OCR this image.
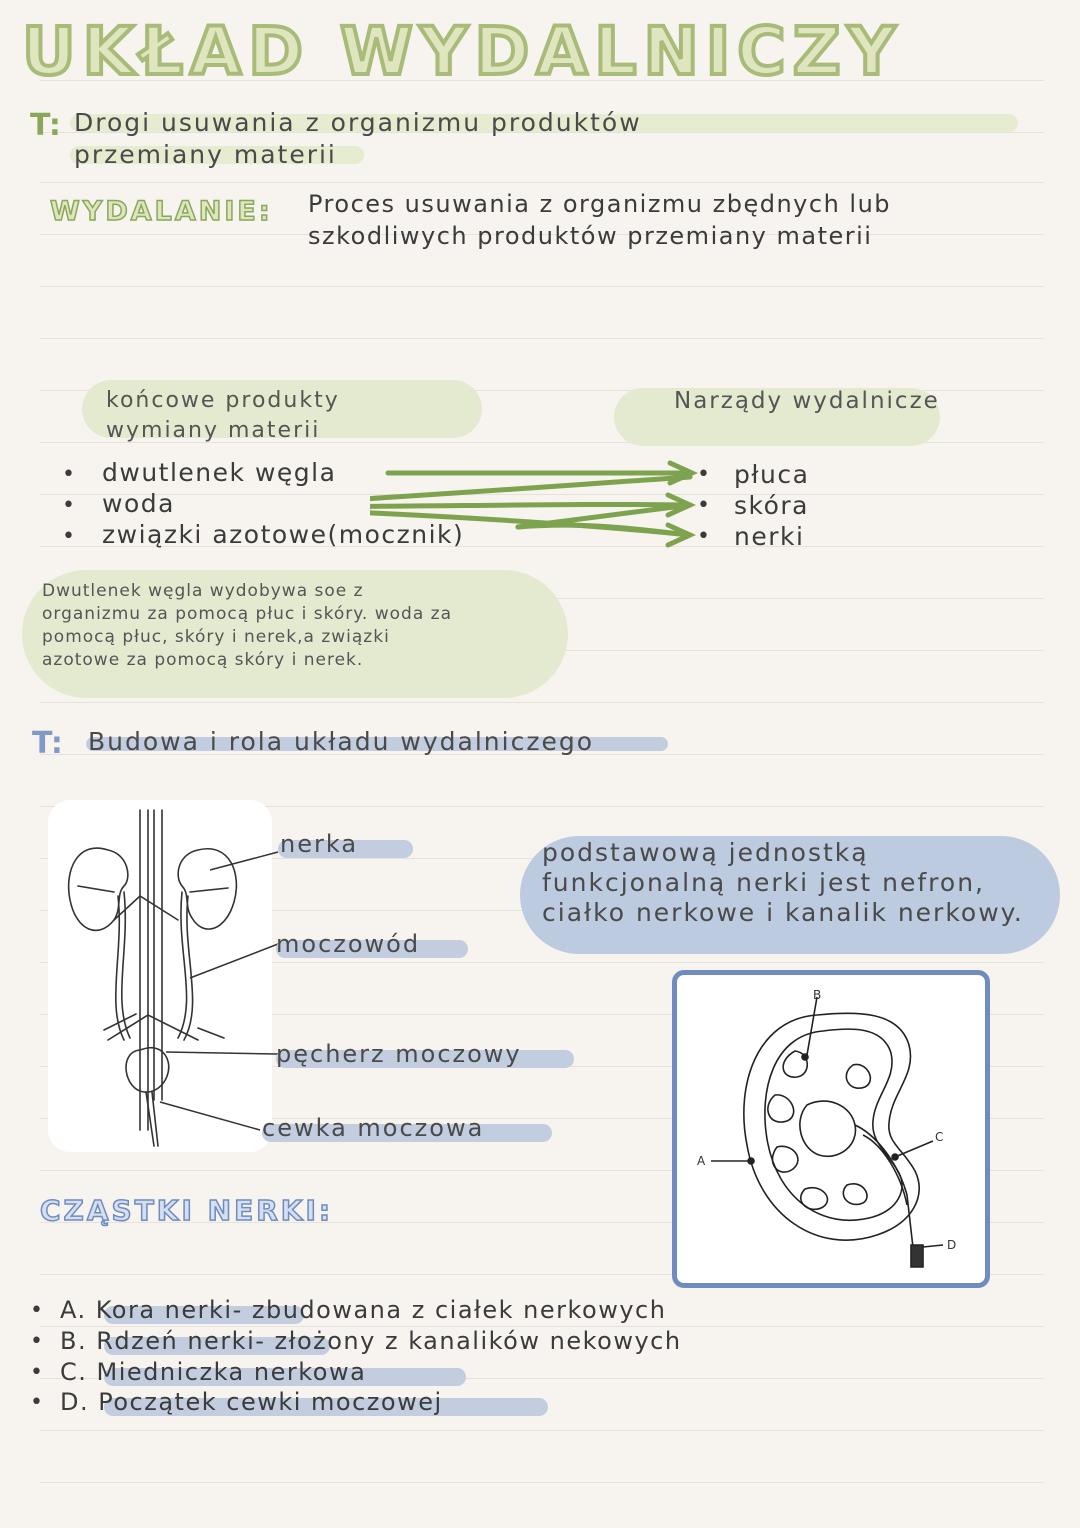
UKŁAD WYDALNICZY
T: Drogi usuwania z organizmu produktów
przemiany materii
WYDALANIE: Proces usuwania z organizmu zbędnych lub
szkodliwych produktów przemiany materii
końcowe produkty
wymiany materii
Narządy wydalnicze
•
•
•
dwutlenek węgla
woda
związki azotowe(mocznik)
•
•
•
płuca
skóra
nerki
Dwutlenek węgla wydobywa soe z
organizmu za pomocą płuc i skóry. woda za
pomocą płuc, skóry i nerek,a związki
azotowe za pomocą skóry i nerek.
T: Budowa i rola układu wydalniczego
nerka
moczowód
pęcherz moczowy
cewka moczowa
podstawową jednostką
funkcjonalną nerki jest nefron,
ciałko nerkowe i kanalik nerkowy.
B
A
C
D
CZĄSTKI NERKI:
•
•
•
•
A. Kora nerki- zbudowana z ciałek nerkowych
B. Rdzeń nerki- złożony z kanalików nekowych
C. Miedniczka nerkowa
D. Początek cewki moczowej
